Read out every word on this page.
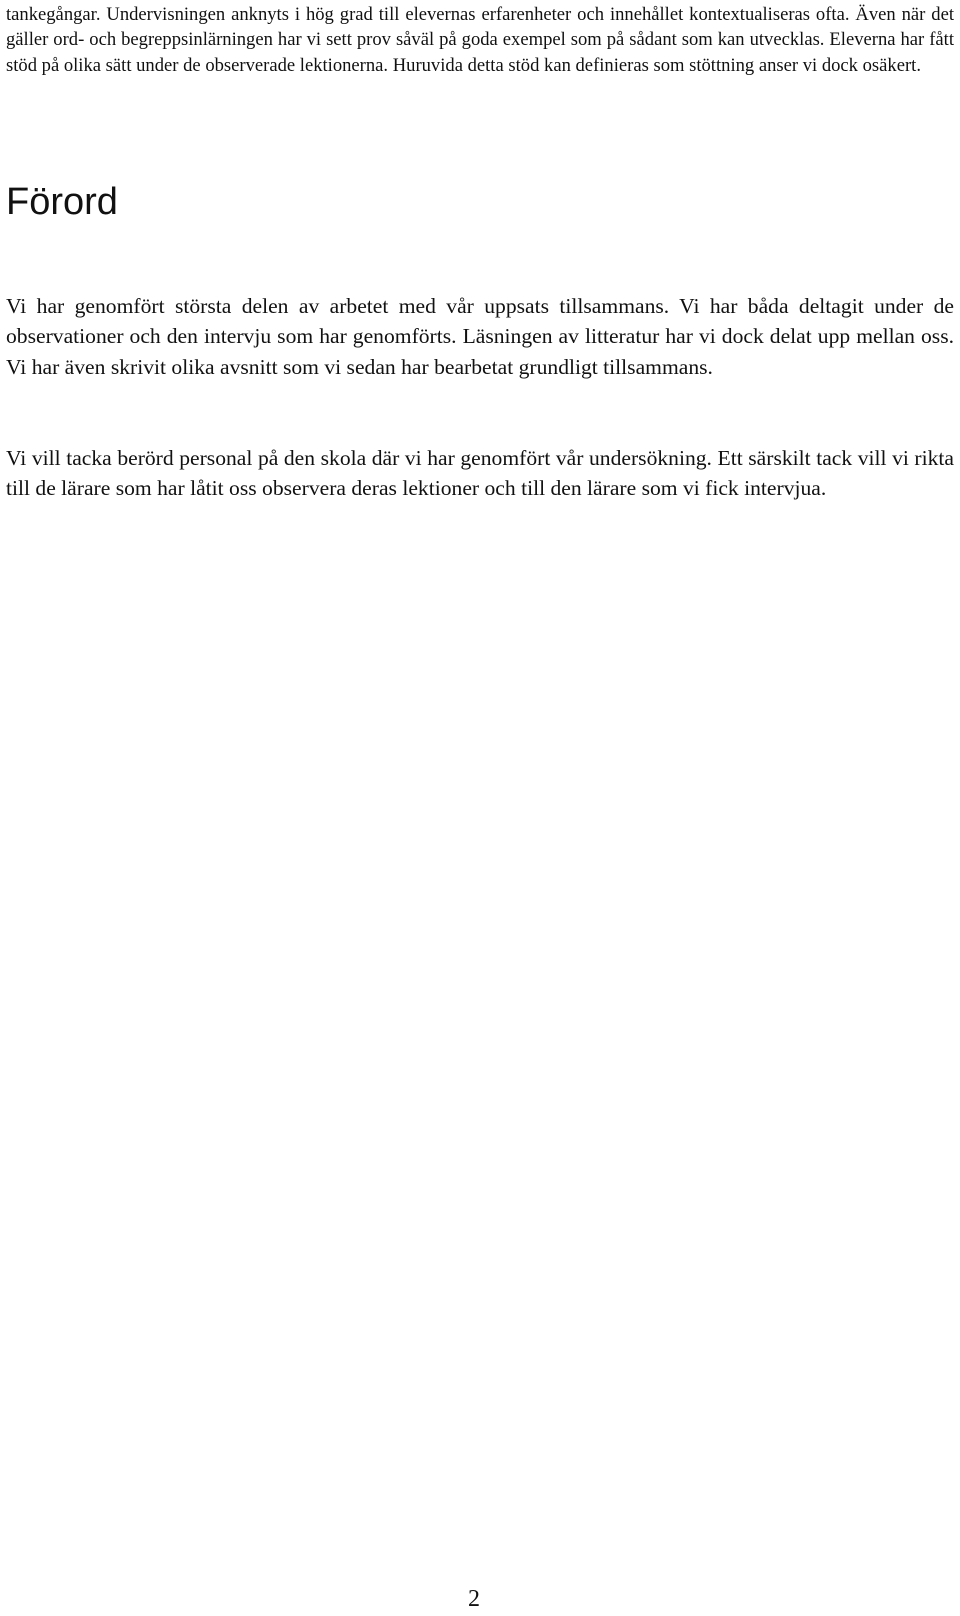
tankegångar. Undervisningen anknyts i hög grad till elevernas erfarenheter och innehållet kontextualiseras ofta. Även när det gäller ord- och begreppsinlärningen har vi sett prov såväl på goda exempel som på sådant som kan utvecklas. Eleverna har fått stöd på olika sätt under de observerade lektionerna. Huruvida detta stöd kan definieras som stöttning anser vi dock osäkert.

Förord

Vi har genomfört största delen av arbetet med vår uppsats tillsammans. Vi har båda deltagit under de observationer och den intervju som har genomförts. Läsningen av litteratur har vi dock delat upp mellan oss. Vi har även skrivit olika avsnitt som vi sedan har bearbetat grundligt tillsammans.

Vi vill tacka berörd personal på den skola där vi har genomfört vår undersökning. Ett särskilt tack vill vi rikta till de lärare som har låtit oss observera deras lektioner och till den lärare som vi fick intervjua.

2
